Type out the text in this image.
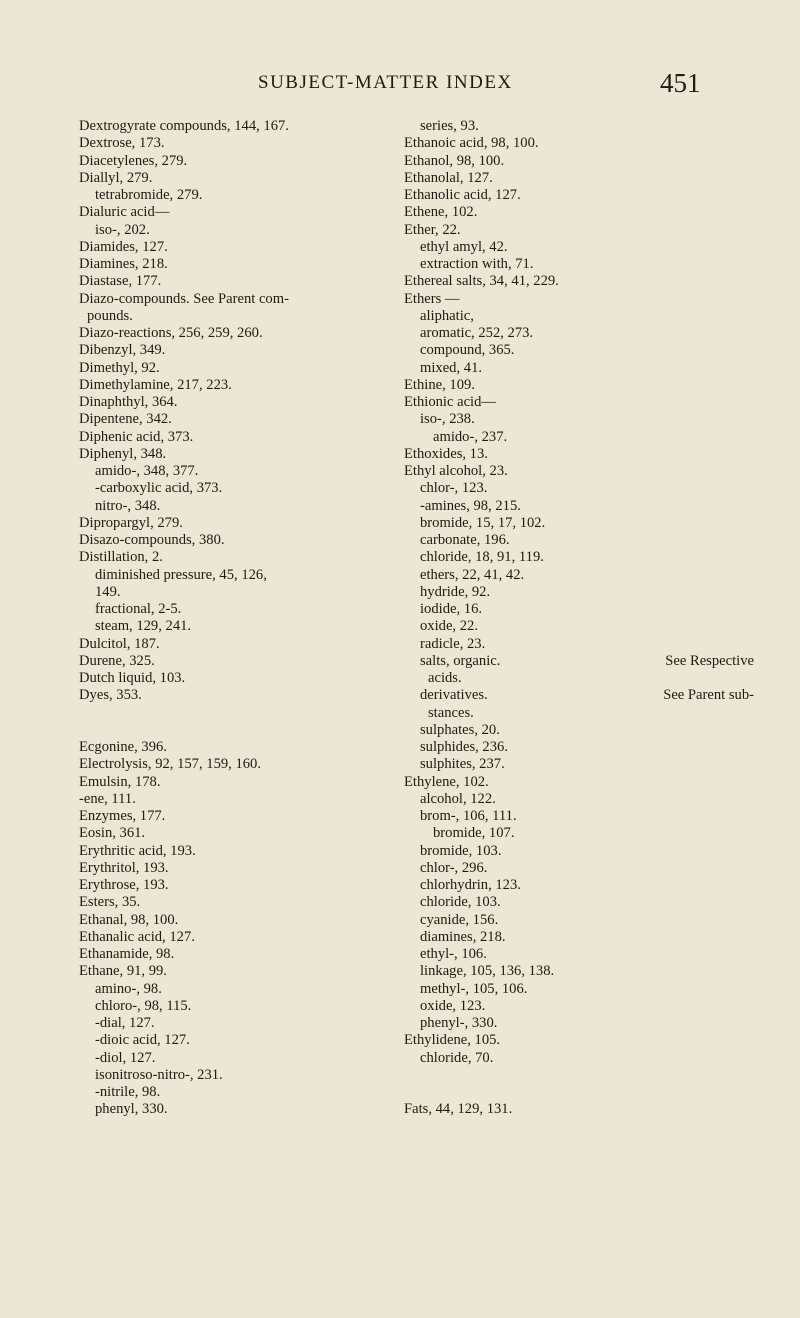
SUBJECT-MATTER INDEX	451
Dextrogyrate compounds, 144, 167.
Dextrose, 173.
Diacetylenes, 279.
Diallyl, 279.
tetrabromide, 279.
Dialuric acid—
iso-, 202.
Diamides, 127.
Diamines, 218.
Diastase, 177.
Diazo-compounds. See Parent com-
pounds.
Diazo-reactions, 256, 259, 260.
Dibenzyl, 349.
Dimethyl, 92.
Dimethylamine, 217, 223.
Dinaphthyl, 364.
Dipentene, 342.
Diphenic acid, 373.
Diphenyl, 348.
amido-, 348, 377.
-carboxylic acid, 373.
nitro-, 348.
Dipropargyl, 279.
Disazo-compounds, 380.
Distillation, 2.
diminished pressure, 45, 126,
149.
fractional, 2-5.
steam, 129, 241.
Dulcitol, 187.
Durene, 325.
Dutch liquid, 103.
Dyes, 353.
Ecgonine, 396.
Electrolysis, 92, 157, 159, 160.
Emulsin, 178.
-ene, 111.
Enzymes, 177.
Eosin, 361.
Erythritic acid, 193.
Erythritol, 193.
Erythrose, 193.
Esters, 35.
Ethanal, 98, 100.
Ethanalic acid, 127.
Ethanamide, 98.
Ethane, 91, 99.
amino-, 98.
chloro-, 98, 115.
-dial, 127.
-dioic acid, 127.
-diol, 127.
isonitroso-nitro-, 231.
-nitrile, 98.
phenyl, 330.
series, 93.
Ethanoic acid, 98, 100.
Ethanol, 98, 100.
Ethanolal, 127.
Ethanolic acid, 127.
Ethene, 102.
Ether, 22.
ethyl amyl, 42.
extraction with, 71.
Ethereal salts, 34, 41, 229.
Ethers —
aliphatic,
aromatic, 252, 273.
compound, 365.
mixed, 41.
Ethine, 109.
Ethionic acid—
iso-, 238.
amido-, 237.
Ethoxides, 13.
Ethyl alcohol, 23.
chlor-, 123.
-amines, 98, 215.
bromide, 15, 17, 102.
carbonate, 196.
chloride, 18, 91, 119.
ethers, 22, 41, 42.
hydride, 92.
iodide, 16.
oxide, 22.
radicle, 23.
salts, organic.	See Respective
acids.
derivatives.	See Parent sub-
stances.
sulphates, 20.
sulphides, 236.
sulphites, 237.
Ethylene, 102.
alcohol, 122.
brom-, 106, 111.
bromide, 107.
bromide, 103.
chlor-, 296.
chlorhydrin, 123.
chloride, 103.
cyanide, 156.
diamines, 218.
ethyl-, 106.
linkage, 105, 136, 138.
methyl-, 105, 106.
oxide, 123.
phenyl-, 330.
Ethylidene, 105.
chloride, 70.
Fats, 44, 129, 131.
